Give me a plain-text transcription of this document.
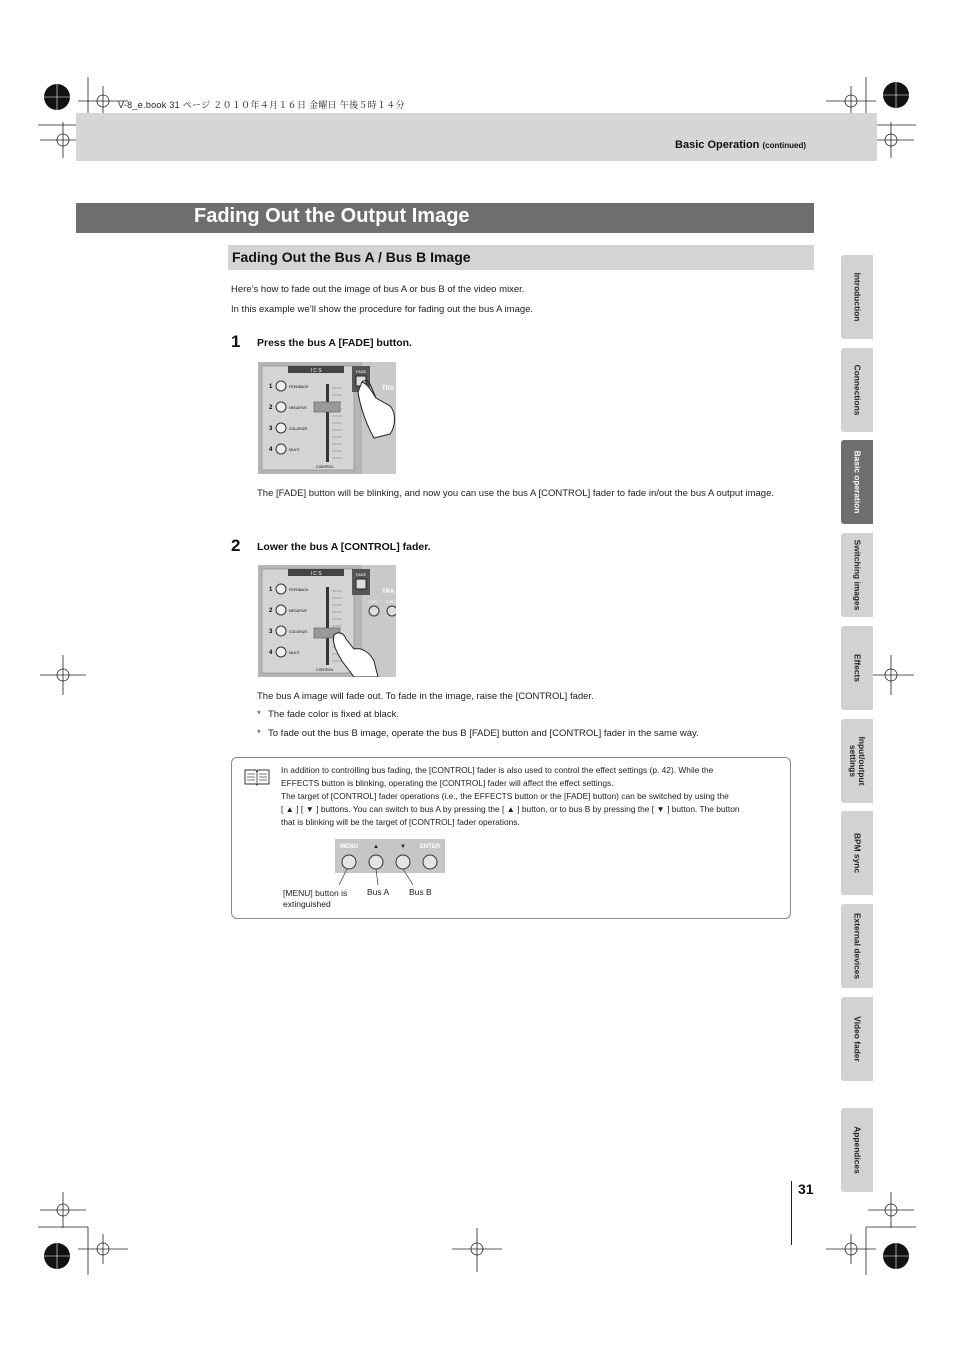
V-8_e.book 31 ページ ２０１０年４月１６日 金曜日 午後５時１４分
Basic Operation (continued)
Fading Out the Output Image
Fading Out the Bus A / Bus B Image
Here’s how to fade out the image of bus A or bus B of the video mixer.
In this example we’ll show the procedure for fading out the bus A image.
1 Press the bus A [FADE] button.
I C S
1	FEEDBACK
2	NEGATIVE
3	COLORIZE
4	MULTI
CONTROL
FADE
TRA
The [FADE] button will be blinking, and now you can use the bus A [CONTROL] fader to fade in/out the bus A output image.
2 Lower the bus A [CONTROL] fader.
I C S
1	FEEDBACK
2	NEGATIVE
3	COLORIZE
4	MULTI
CONTROL
FADE
TRA
1 HR 2 W
The bus A image will fade out. To fade in the image, raise the [CONTROL] fader.
* The fade color is fixed at black.
* To fade out the bus B image, operate the bus B [FADE] button and [CONTROL] fader in the same way.
In addition to controlling bus fading, the [CONTROL] fader is also used to control the effect settings (p. 42). While the
EFFECTS button is blinking, operating the [CONTROL] fader will affect the effect settings.
The target of [CONTROL] fader operations (i.e., the EFFECTS button or the [FADE] button) can be switched by using the
[ ▲ ] [ ▼ ] buttons. You can switch to bus A by pressing the [ ▲ ] button, or to bus B by pressing the [ ▼ ] button. The button
that is blinking will be the target of [CONTROL] fader operations.
MENU	▲	▼ ENTER
[MENU] button is
extinguished
Bus A Bus B
Introduction
Connections
Basic operation
Switching images
Effects
Input/output settings
BPM sync
External devices
Video fader
Appendices
31
